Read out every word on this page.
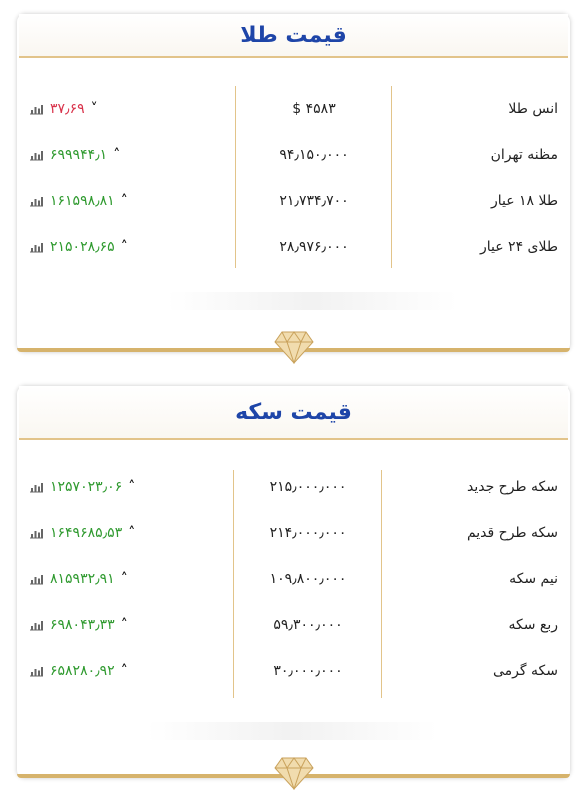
قیمت طلا
انس طلا
۴۵۸۳ $
۳۷٫۶۹ ˅
مظنه تهران
۹۴٫۱۵۰٫۰۰۰
۶۹۹۹۴۴٫۱ ˄
طلا ۱۸ عیار
۲۱٫۷۳۴٫۷۰۰
۱۶۱۵۹۸٫۸۱ ˄
طلای ۲۴ عیار
۲۸٫۹۷۶٫۰۰۰
۲۱۵۰۲۸٫۶۵ ˄
قیمت سکه
سکه طرح جدید
۲۱۵٫۰۰۰٫۰۰۰
۱۲۵۷۰۲۳٫۰۶ ˄
سکه طرح قدیم
۲۱۴٫۰۰۰٫۰۰۰
۱۶۴۹۶۸۵٫۵۳ ˄
نیم سکه
۱۰۹٫۸۰۰٫۰۰۰
۸۱۵۹۳۲٫۹۱ ˄
ربع سکه
۵۹٫۳۰۰٫۰۰۰
۶۹۸۰۴۳٫۳۳ ˄
سکه گرمی
۳۰٫۰۰۰٫۰۰۰
۶۵۸۲۸۰٫۹۲ ˄
